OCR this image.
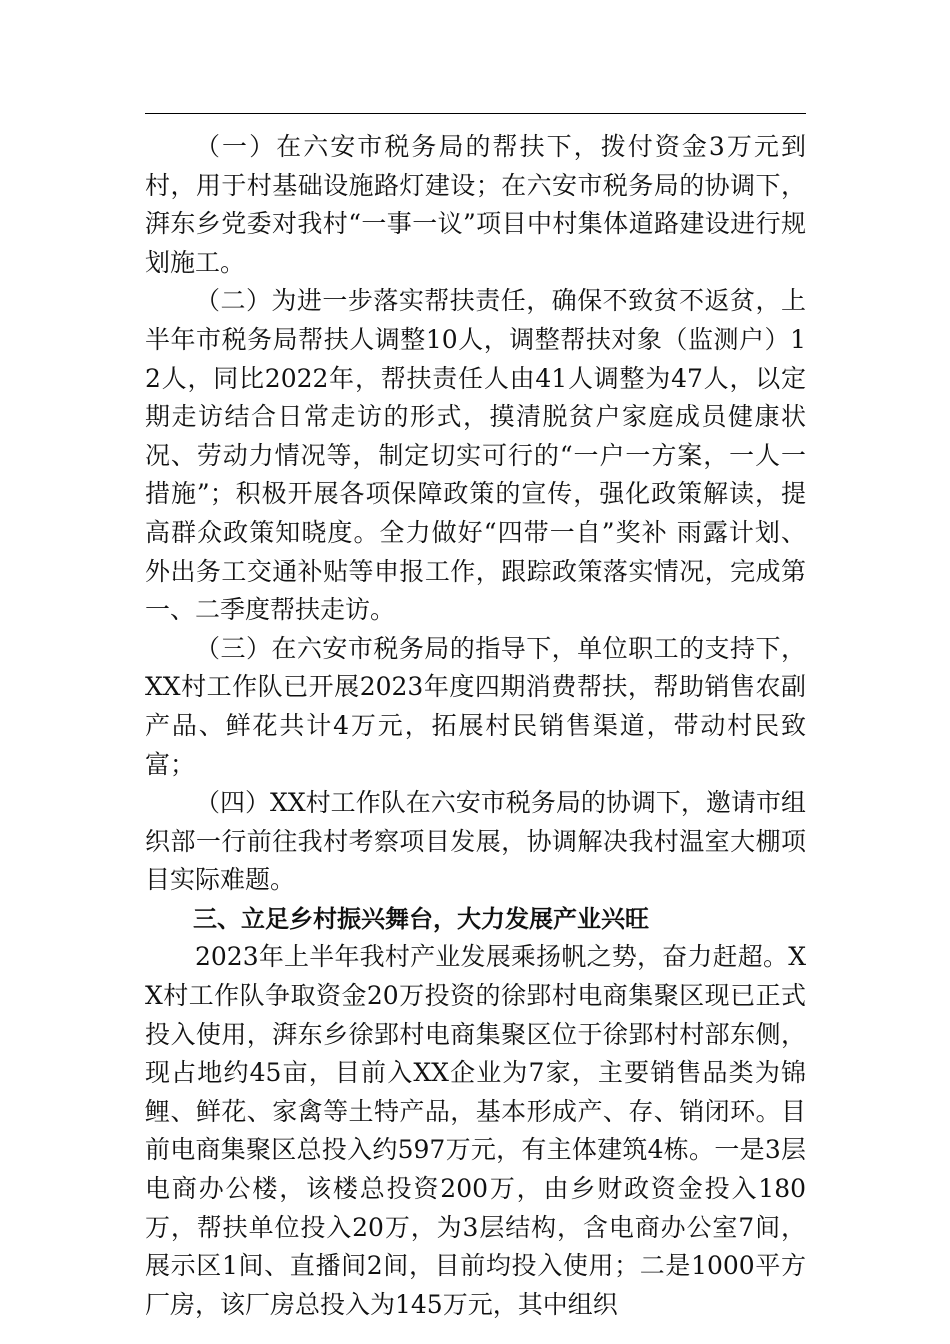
（一）在六安市税务局的帮扶下，拨付资金3万元到村，用于村基础设施路灯建设；在六安市税务局的协调下，湃东乡党委对我村“一事一议”项目中村集体道路建设进行规划施工。

（二）为进一步落实帮扶责任，确保不致贫不返贫，上半年市税务局帮扶人调整10人，调整帮扶对象（监测户）12人，同比2022年，帮扶责任人由41人调整为47人，以定期走访结合日常走访的形式，摸清脱贫户家庭成员健康状况、劳动力情况等，制定切实可行的“一户一方案，一人一措施”；积极开展各项保障政策的宣传，强化政策解读，提高群众政策知晓度。全力做好“四带一自”奖补 雨露计划、 外出务工交通补贴等申报工作，跟踪政策落实情况，完成第一、二季度帮扶走访。

（三）在六安市税务局的指导下，单位职工的支持下，XX村工作队已开展2023年度四期消费帮扶，帮助销售农副产品、鲜花共计4万元，拓展村民销售渠道，带动村民致富；

（四）XX村工作队在六安市税务局的协调下，邀请市组织部一行前往我村考察项目发展，协调解决我村温室大棚项目实际难题。

三、立足乡村振兴舞台，大力发展产业兴旺

2023年上半年我村产业发展乘扬帆之势，奋力赶超。XX村工作队争取资金20万投资的徐郢村电商集聚区现已正式投入使用，湃东乡徐郢村电商集聚区位于徐郢村村部东侧，现占地约45亩，目前入XX企业为7家，主要销售品类为锦鲤、鲜花、家禽等土特产品，基本形成产、存、销闭环。目前电商集聚区总投入约597万元，有主体建筑4栋。一是3层电商办公楼，该楼总投资200万，由乡财政资金投入180万，帮扶单位投入20万，为3层结构，含电商办公室7间，展示区1间、直播间2间，目前均投入使用；二是1000平方厂房，该厂房总投入为145万元，其中组织
